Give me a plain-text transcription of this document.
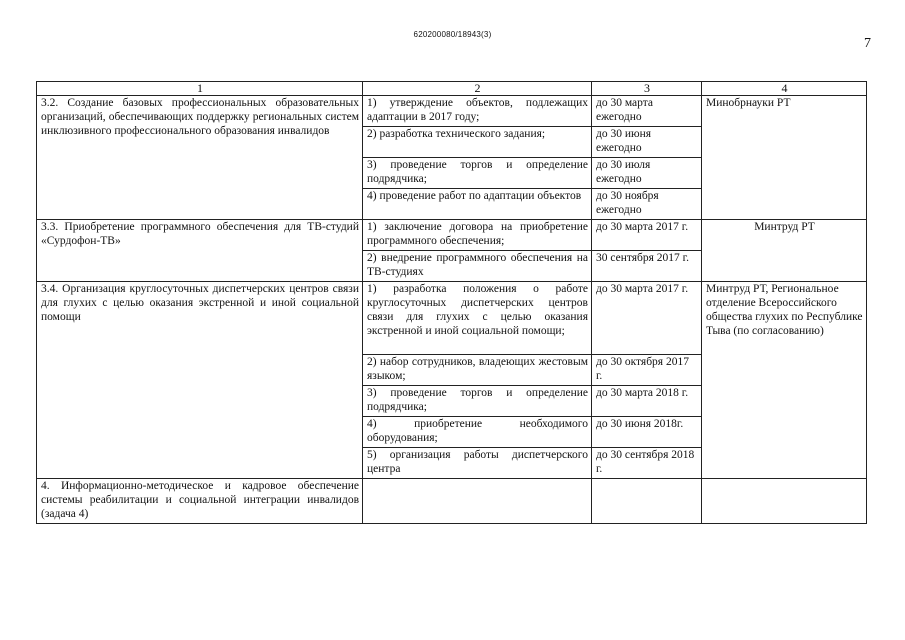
620200080/18943(3)
7
1	2	3	4
3.2. Создание базовых профессиональных образовательных организаций, обеспечивающих поддержку региональных систем инклюзивного профессионального образования инвалидов	1) утверждение объектов, подлежащих адаптации в 2017 году;	до 30 марта ежегодно	Минобрнауки РТ
	2) разработка технического задания;	до 30 июня ежегодно	
	3) проведение торгов и определение подрядчика;	до 30 июля ежегодно	
	4) проведение работ по адаптации объектов	до 30 ноября ежегодно	
3.3. Приобретение программного обеспечения для ТВ-студий «Сурдофон-ТВ»	1) заключение договора на приобретение программного обеспечения;	до 30 марта 2017 г.	Минтруд РТ
	2) внедрение программного обеспечения на ТВ-студиях	30 сентября 2017 г.	
3.4. Организация круглосуточных диспетчерских центров связи для глухих с целью оказания экстренной и иной социальной помощи	1) разработка положения о работе круглосуточных диспетчерских центров связи для глухих с целью оказания экстренной и иной социальной помощи;	до 30 марта 2017 г.	Минтруд РТ, Региональное отделение Всероссийского общества глухих по Республике Тыва (по согласованию)
	2) набор сотрудников, владеющих жестовым языком;	до 30 октября 2017 г.	
	3) проведение торгов и определение подрядчика;	до 30 марта 2018 г.	
	4) приобретение необходимого оборудования;	до 30 июня 2018г.	
	5) организация работы диспетчерского центра	до 30 сентября 2018 г.	
4. Информационно-методическое и кадровое обеспечение системы реабилитации и социальной интеграции инвалидов (задача 4)			
